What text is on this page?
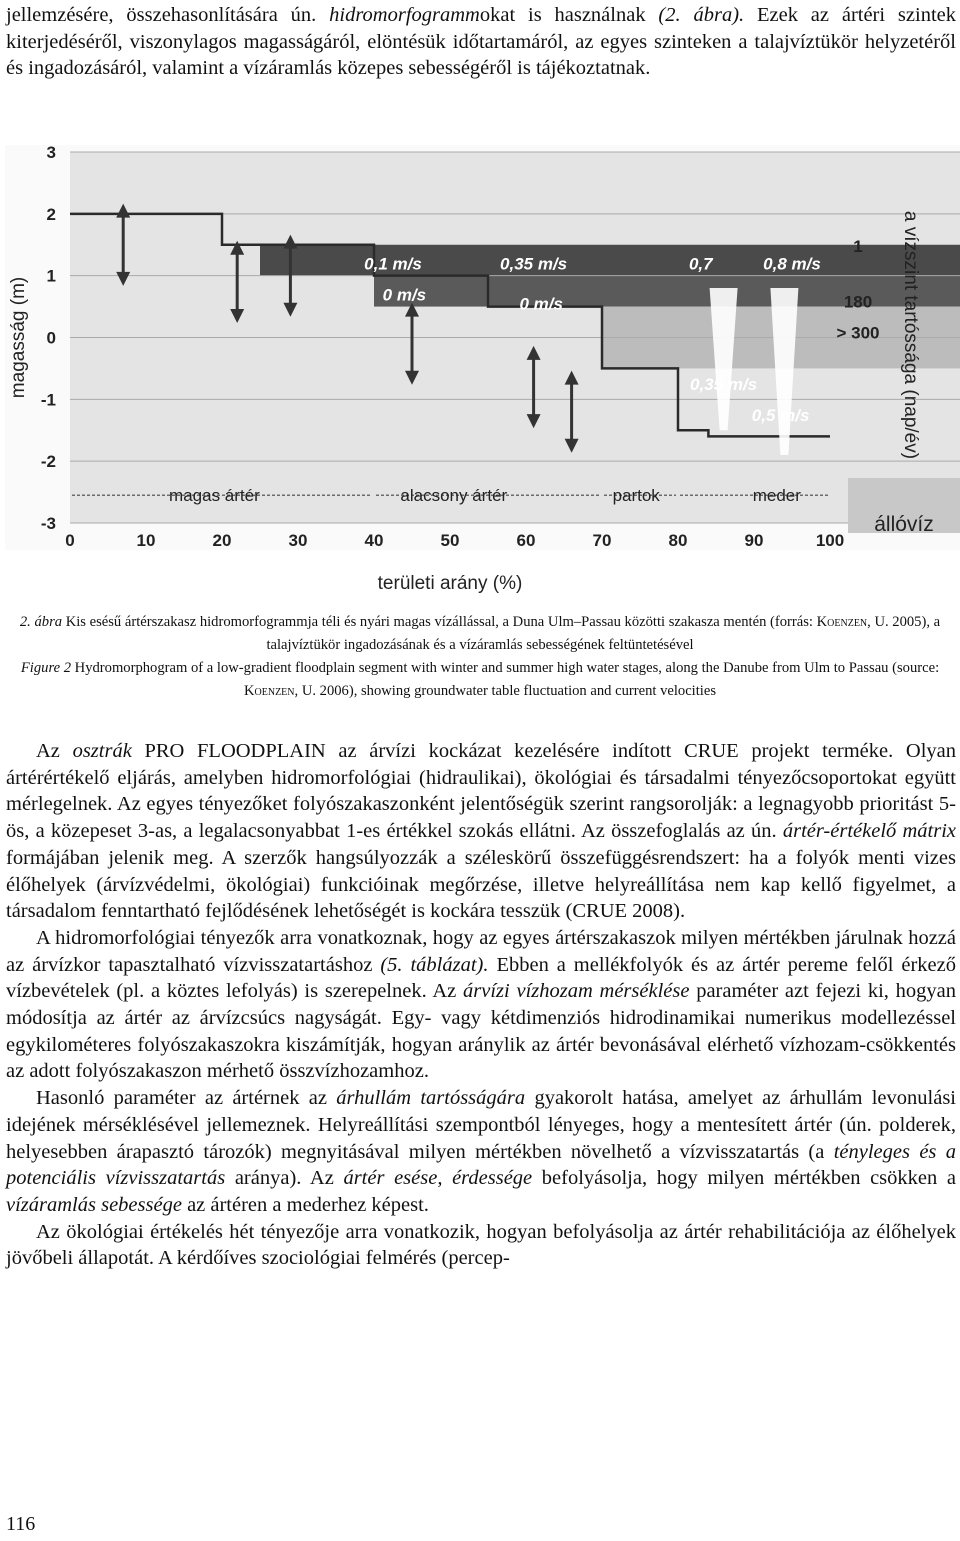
jellemzésére, összehasonlítására ún. hidromorfogrammokat is használnak (2. ábra). Ezek az ártéri szintek kiterjedéséről, viszonylagos magasságáról, elöntésük időtartamáról, az egyes szinteken a talajvíztükör helyzetéről és ingadozásáról, valamint a vízáramlás közepes sebességéről is tájékoztatnak.

3
2
1
0
-1
-2
-3
0	10	20	30	40	50	60	70	80	90	100
1
180
> 300
magasság (m)	a vízszint tartóssága (nap/év)
területi arány (%)
0,1 m/s	0,35 m/s	0,7	0,8 m/s
0 m/s	0 m/s
0,35 m/s
0,5 m/s
magas ártér	alacsony ártér	partok	meder
állóvíz

2. ábra Kis esésű ártérszakasz hidromorfogrammja téli és nyári magas vízállással, a Duna Ulm–Passau közötti szakasza mentén (forrás: Koenzen, U. 2005), a talajvíztükör ingadozásának és a vízáramlás sebességének feltüntetésével
Figure 2 Hydromorphogram of a low-gradient floodplain segment with winter and summer high water stages, along the Danube from Ulm to Passau (source: Koenzen, U. 2006), showing groundwater table fluctuation and current velocities

Az osztrák PRO FLOODPLAIN az árvízi kockázat kezelésére indított CRUE projekt terméke. Olyan ártérértékelő eljárás, amelyben hidromorfológiai (hidraulikai), ökológiai és társadalmi tényezőcsoportokat együtt mérlegelnek. Az egyes tényezőket folyószakaszonként jelentőségük szerint rangsorolják: a legnagyobb prioritást 5-ös, a közepeset 3-as, a legalacsonyabbat 1-es értékkel szokás ellátni. Az összefoglalás az ún. ártér-értékelő mátrix formájában jelenik meg. A szerzők hangsúlyozzák a széleskörű összefüggésrendszert: ha a folyók menti vizes élőhelyek (árvízvédelmi, ökológiai) funkcióinak megőrzése, illetve helyreállítása nem kap kellő figyelmet, a társadalom fenntartható fejlődésének lehetőségét is kockára tesszük (CRUE 2008).
A hidromorfológiai tényezők arra vonatkoznak, hogy az egyes ártérszakaszok milyen mértékben járulnak hozzá az árvízkor tapasztalható vízvisszatartáshoz (5. táblázat). Ebben a mellékfolyók és az ártér pereme felől érkező vízbevételek (pl. a köztes lefolyás) is szerepelnek. Az árvízi vízhozam mérséklése paraméter azt fejezi ki, hogyan módosítja az ártér az árvízcsúcs nagyságát. Egy- vagy kétdimenziós hidrodinamikai numerikus modellezéssel egykilométeres folyószakaszokra kiszámítják, hogyan aránylik az ártér bevonásával elérhető vízhozam-csökkentés az adott folyószakaszon mérhető összvízhozamhoz.
Hasonló paraméter az ártérnek az árhullám tartósságára gyakorolt hatása, amelyet az árhullám levonulási idejének mérséklésével jellemeznek. Helyreállítási szempontból lényeges, hogy a mentesített ártér (ún. polderek, helyesebben árapasztó tározók) megnyitásával milyen mértékben növelhető a vízvisszatartás (a tényleges és a potenciális vízvisszatartás aránya). Az ártér esése, érdessége befolyásolja, hogy milyen mértékben csökken a vízáramlás sebessége az ártéren a mederhez képest.
Az ökológiai értékelés hét tényezője arra vonatkozik, hogyan befolyásolja az ártér rehabilitációja az élőhelyek jövőbeli állapotát. A kérdőíves szociológiai felmérés (percep-
116
